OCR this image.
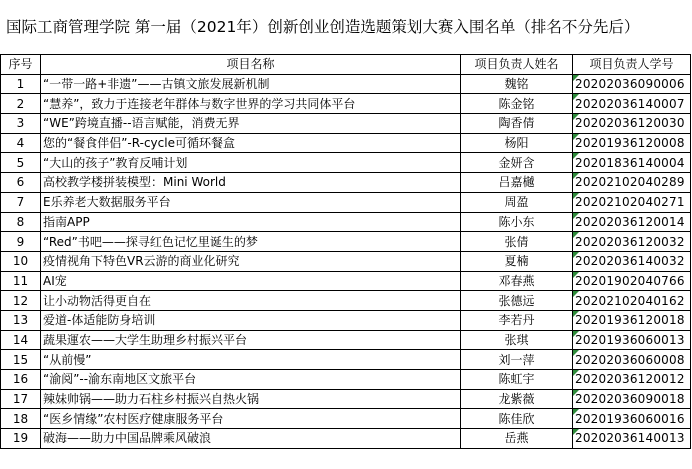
国际工商管理学院 第一届（2021年）创新创业创造选题策划大赛入围名单（排名不分先后）
序号	项目名称	项目负责人姓名	项目负责人学号
1	“一带一路+非遗”——古镇文旅发展新机制	魏铭	20202036090006
2	“慧养”，致力于连接老年群体与数字世界的学习共同体平台	陈金铭	20202036140007
3	“WE”跨境直播--语言赋能，消费无界	陶香倩	20202036120030
4	您的“餐食伴侣”-R-cycle可循环餐盒	杨阳	20201936120008
5	“大山的孩子”教育反哺计划	金妍含	20201836140004
6	高校教学楼拼装模型：Mini World	吕嘉樾	20202102040289
7	E乐养老大数据服务平台	周盈	20202102040271
8	指南APP	陈小东	20202036120014
9	“Red”书吧——探寻红色记忆里诞生的梦	张倩	20202036120032
10	疫情视角下特色VR云游的商业化研究	夏楠	20202036140032
11	AI宠	邓春燕	20201902040766
12	让小动物活得更自在	张德远	20202102040162
13	爱道-体适能防身培训	李若丹	20201936120018
14	蔬果運农——大学生助理乡村振兴平台	张琪	20201936060013
15	“从前慢”	刘一萍	20202036060008
16	“渝阅”--渝东南地区文旅平台	陈虹宇	20202036120012
17	辣妹帅锅——助力石柱乡村振兴自热火锅	龙紫薇	20202036090018
18	“医乡情缘”农村医疗健康服务平台	陈佳欣	20201936060016
19	破海——助力中国品牌乘风破浪	岳燕	20202036140013
